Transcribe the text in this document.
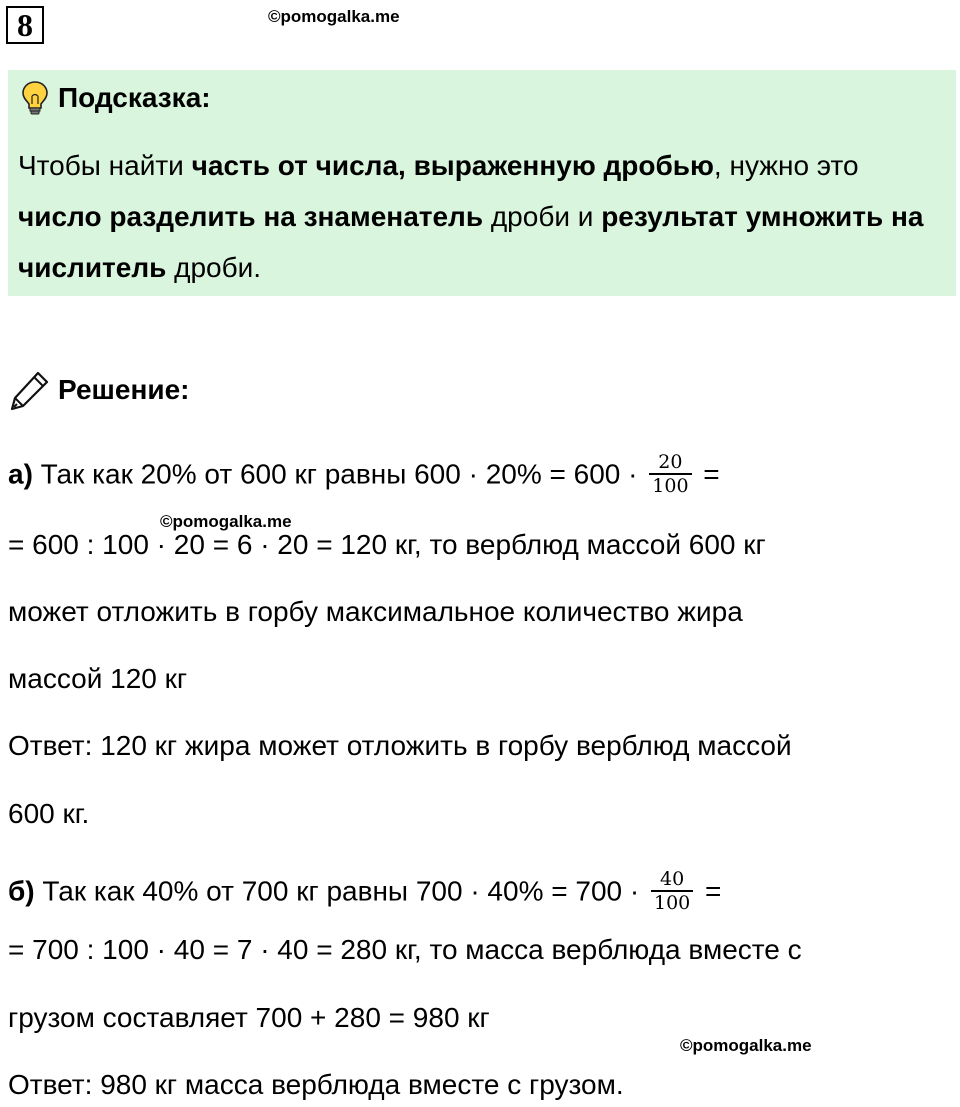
8	©pomogalka.me
Подсказка:

Чтобы найти часть от числа, выраженную дробью, нужно это число разделить на знаменатель дроби и результат умножить на числитель дроби.

Решение:
а) Так как 20% от 600 кг равны $600 \cdot 20\% = 600 \cdot \frac{20}{100}$ =
©pomogalka.me
= 600 : 100 · 20 = 6 · 20 = 120 кг, то верблюд массой 600 кг
может отложить в горбу максимальное количество жира
массой 120 кг
Ответ: 120 кг жира может отложить в горбу верблюд массой
600 кг.
б) Так как 40% от 700 кг равны $700 \cdot 40\% = 700 \cdot \frac{40}{100}$ =
= 700 : 100 · 40 = 7 · 40 = 280 кг, то масса верблюда вместе с
грузом составляет 700 + 280 = 980 кг
©pomogalka.me
Ответ: 980 кг масса верблюда вместе с грузом.
